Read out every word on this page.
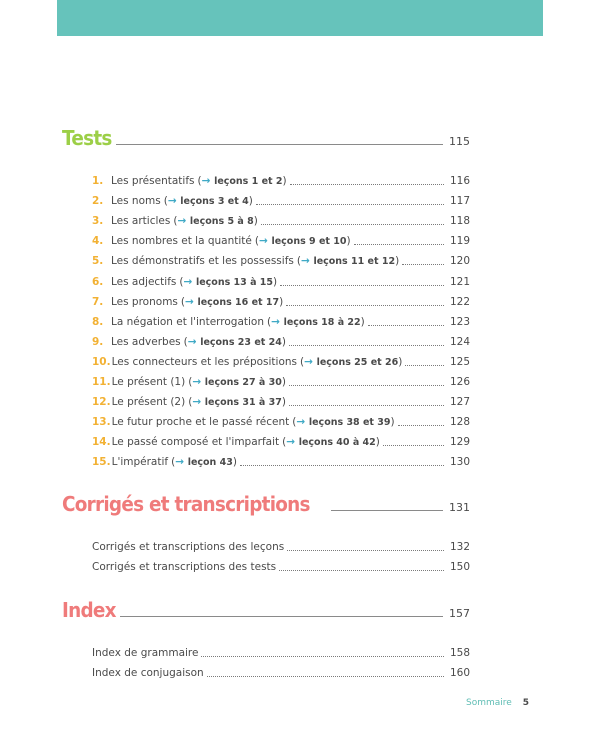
Tests	115
1. Les présentatifs (→ leçons 1 et 2)	116
2. Les noms (→ leçons 3 et 4)	117
3. Les articles (→ leçons 5 à 8)	118
4. Les nombres et la quantité (→ leçons 9 et 10)	119
5. Les démonstratifs et les possessifs (→ leçons 11 et 12)	120
6. Les adjectifs (→ leçons 13 à 15)	121
7. Les pronoms (→ leçons 16 et 17)	122
8. La négation et l'interrogation (→ leçons 18 à 22)	123
9. Les adverbes (→ leçons 23 et 24)	124
10. Les connecteurs et les prépositions (→ leçons 25 et 26)	125
11. Le présent (1) (→ leçons 27 à 30)	126
12. Le présent (2) (→ leçons 31 à 37)	127
13. Le futur proche et le passé récent (→ leçons 38 et 39)	128
14. Le passé composé et l'imparfait (→ leçons 40 à 42)	129
15. L'impératif (→ leçon 43)	130
Corrigés et transcriptions	131
Corrigés et transcriptions des leçons	132
Corrigés et transcriptions des tests	150
Index	157
Index de grammaire	158
Index de conjugaison	160
Sommaire 5
